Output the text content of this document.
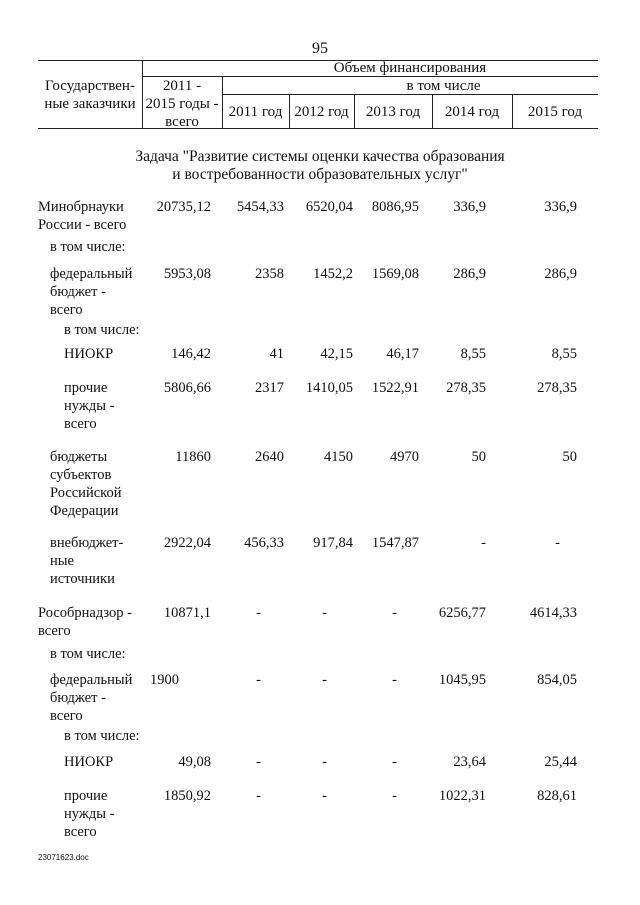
95
Государствен-
ные заказчики
Объем финансирования
2011 -
2015 годы -
всего
в том числе
2011 год 2012 год	2013 год	2014 год	2015 год
Задача "Развитие системы оценки качества образования
и востребованности образовательных услуг"
Минобрнауки
России - всего
20735,12	5454,33	6520,04	8086,95	336,9	336,9
в том числе:
федеральный
бюджет -
всего
5953,08	2358	1452,2	1569,08	286,9	286,9
в том числе:
НИОКР	146,42	41	42,15	46,17	8,55	8,55
прочие
нужды -
всего
5806,66	2317	1410,05	1522,91	278,35	278,35
бюджеты
субъектов
Российской
Федерации
11860	2640	4150	4970	50	50
внебюджет-
ные
источники
2922,04	456,33	917,84	1547,87	-	-
Рособрнадзор -
всего
10871,1	-	-	-	6256,77	4614,33
в том числе:
федеральный
бюджет -
всего
1900	-	-	-	1045,95	854,05
в том числе:
НИОКР	49,08	-	-	-	23,64	25,44
прочие
нужды -
всего
1850,92	-	-	-	1022,31	828,61
23071623.doc
